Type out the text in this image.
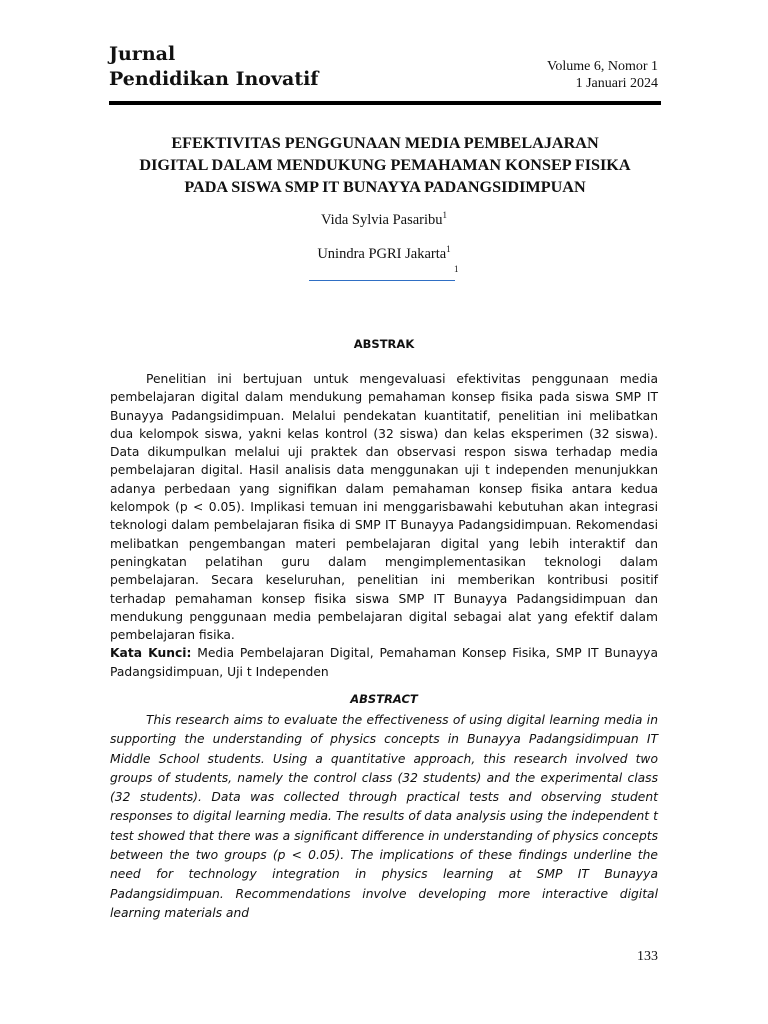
Jurnal
Pendidikan Inovatif
Volume 6, Nomor 1
1 Januari 2024
EFEKTIVITAS PENGGUNAAN MEDIA PEMBELAJARAN
DIGITAL DALAM MENDUKUNG PEMAHAMAN KONSEP FISIKA
PADA SISWA SMP IT BUNAYYA PADANGSIDIMPUAN
Vida Sylvia Pasaribu$^1$
Unindra PGRI Jakarta$^1$
1
ABSTRAK

Penelitian ini bertujuan untuk mengevaluasi efektivitas penggunaan media pembelajaran digital dalam mendukung pemahaman konsep fisika pada siswa SMP IT Bunayya Padangsidimpuan. Melalui pendekatan kuantitatif, penelitian ini melibatkan dua kelompok siswa, yakni kelas kontrol (32 siswa) dan kelas eksperimen (32 siswa). Data dikumpulkan melalui uji praktek dan observasi respon siswa terhadap media pembelajaran digital. Hasil analisis data menggunakan uji t independen menunjukkan adanya perbedaan yang signifikan dalam pemahaman konsep fisika antara kedua kelompok (p < 0.05). Implikasi temuan ini menggarisbawahi kebutuhan akan integrasi teknologi dalam pembelajaran fisika di SMP IT Bunayya Padangsidimpuan. Rekomendasi melibatkan pengembangan materi pembelajaran digital yang lebih interaktif dan peningkatan pelatihan guru dalam mengimplementasikan teknologi dalam pembelajaran. Secara keseluruhan, penelitian ini memberikan kontribusi positif terhadap pemahaman konsep fisika siswa SMP IT Bunayya Padangsidimpuan dan mendukung penggunaan media pembelajaran digital sebagai alat yang efektif dalam pembelajaran fisika.

Kata Kunci: Media Pembelajaran Digital, Pemahaman Konsep Fisika, SMP IT Bunayya Padangsidimpuan, Uji t Independen

ABSTRACT

This research aims to evaluate the effectiveness of using digital learning media in supporting the understanding of physics concepts in Bunayya Padangsidimpuan IT Middle School students. Using a quantitative approach, this research involved two groups of students, namely the control class (32 students) and the experimental class (32 students). Data was collected through practical tests and observing student responses to digital learning media. The results of data analysis using the independent t test showed that there was a significant difference in understanding of physics concepts between the two groups (p < 0.05). The implications of these findings underline the need for technology integration in physics learning at SMP IT Bunayya Padangsidimpuan. Recommendations involve developing more interactive digital learning materials and

133
